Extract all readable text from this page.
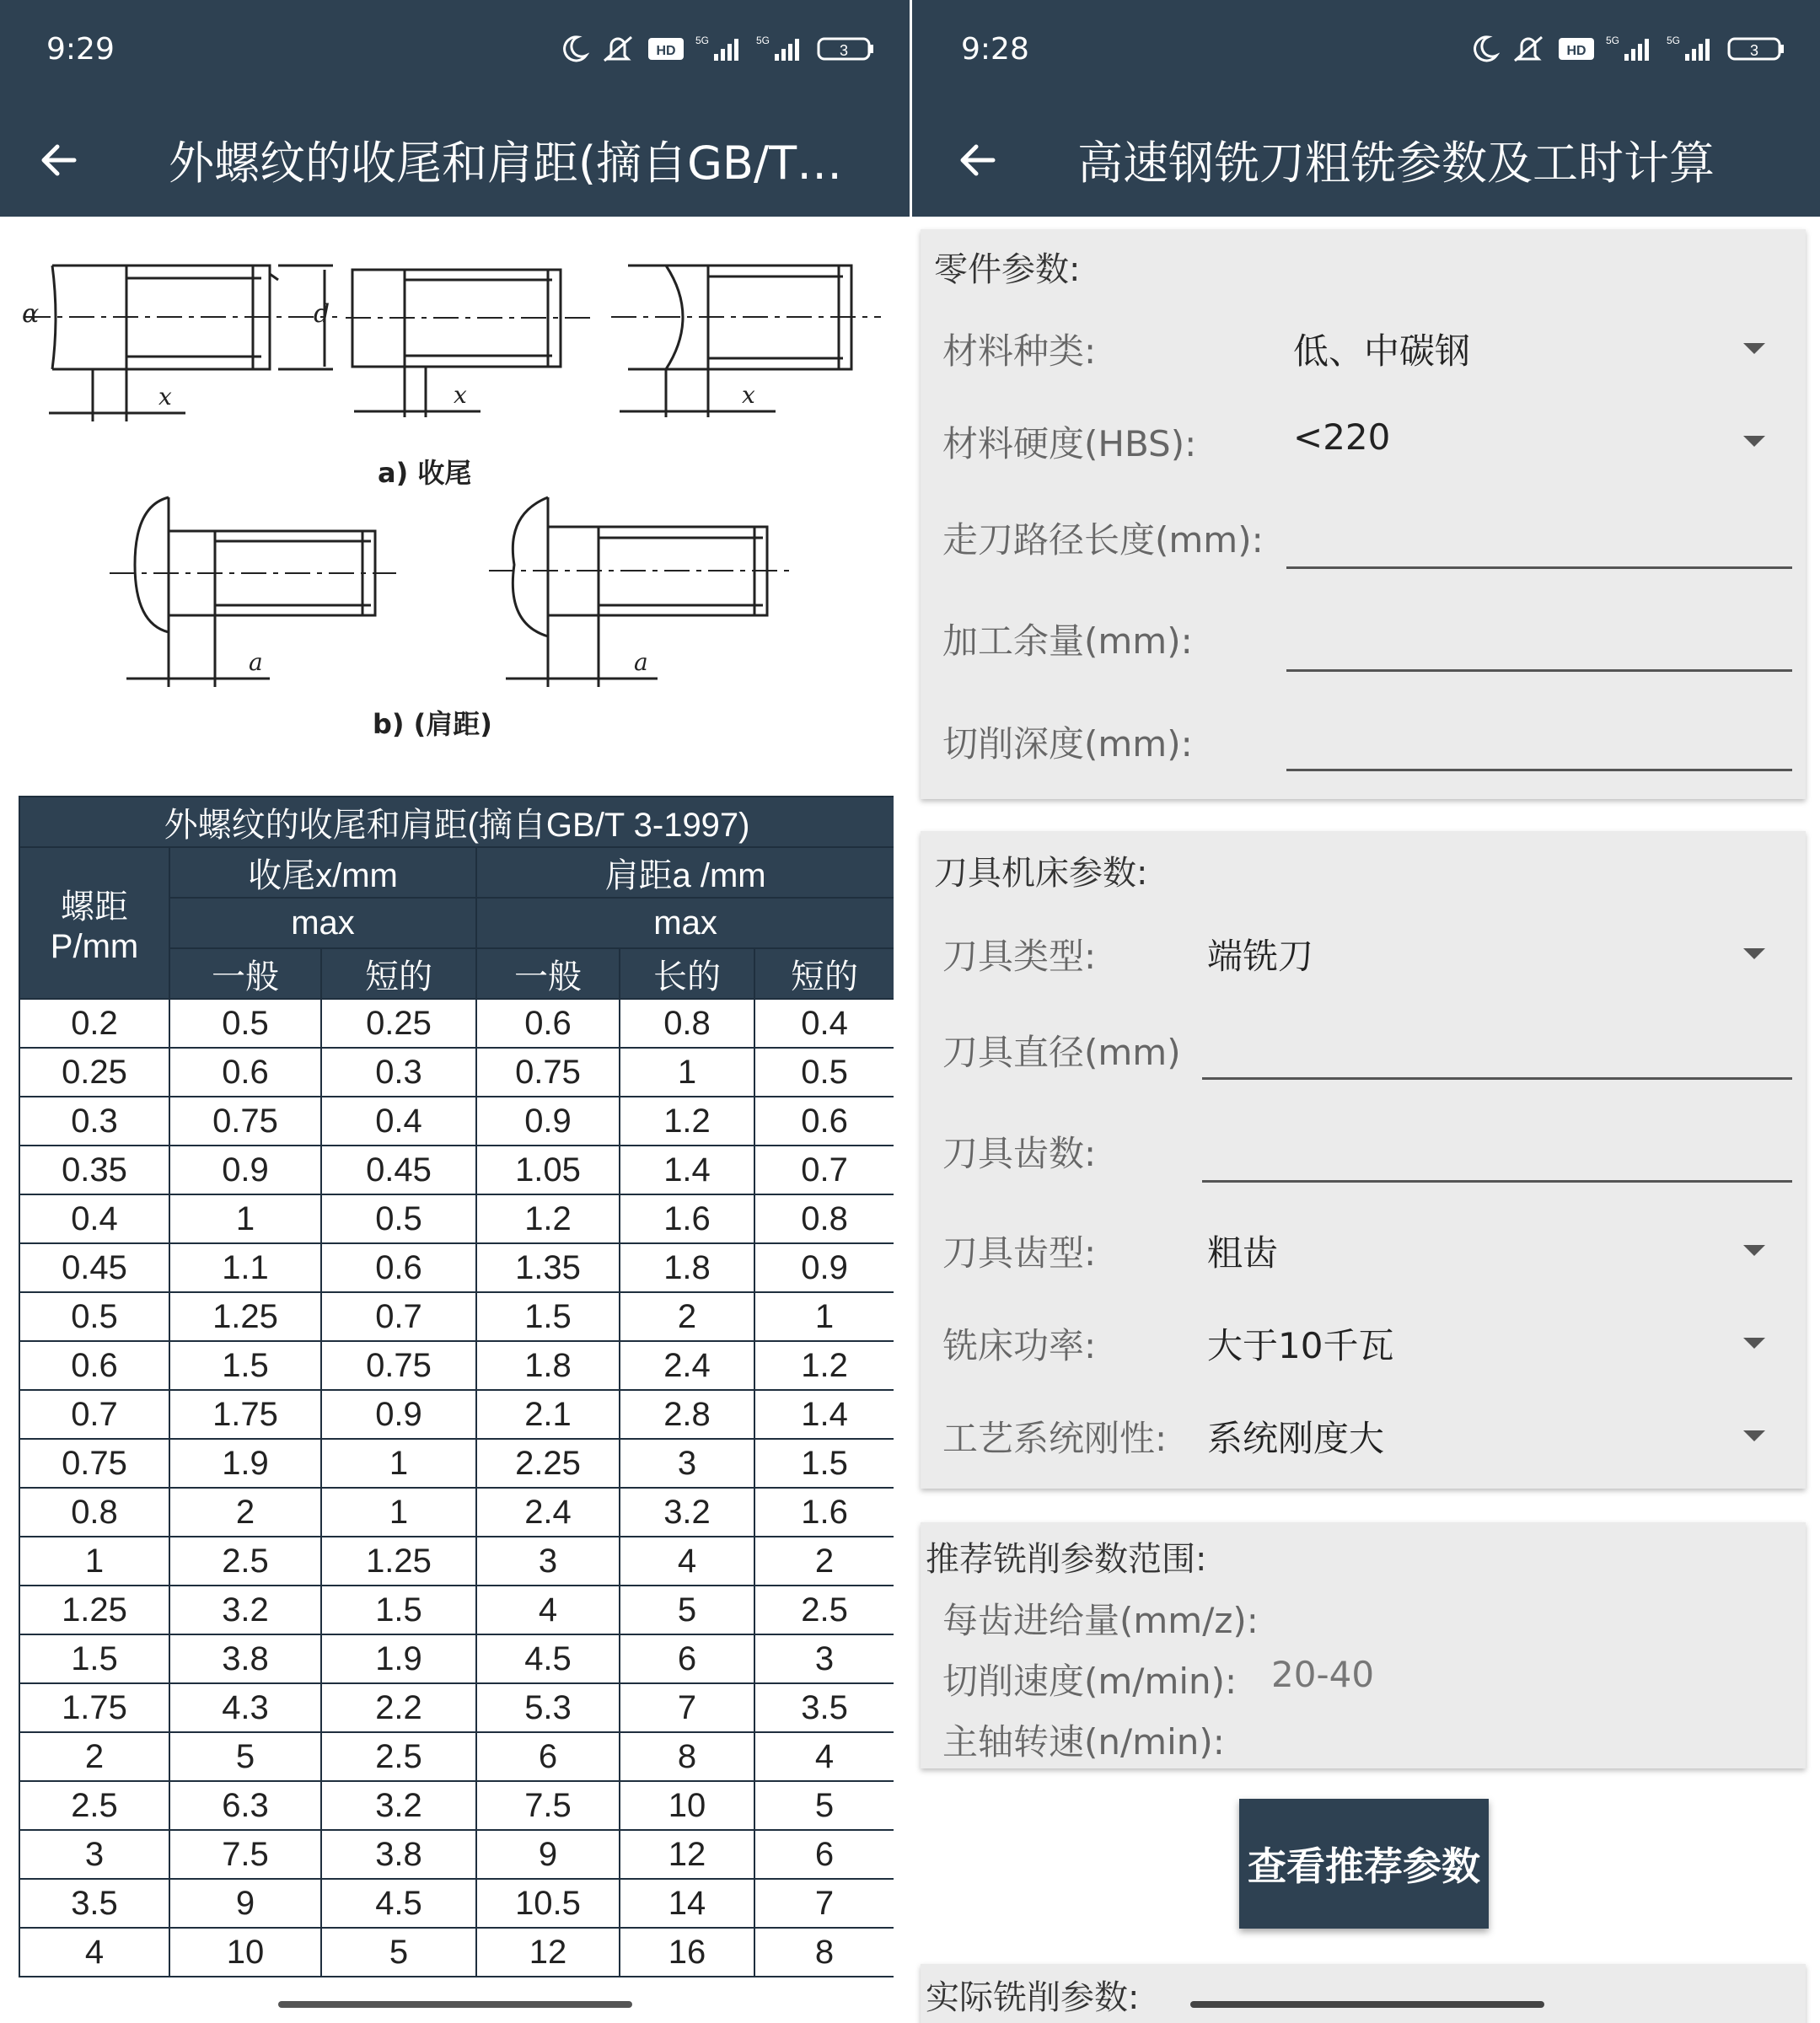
9:29	HD
5G	5G
3
外螺纹的收尾和肩距(摘自GB/T…
α	d
x	x	x
a	a
a) 收尾
b) (肩距)
外螺纹的收尾和肩距(摘自GB/T 3-1997)					
螺距 P/mm	收尾x/mm		肩距a /mm		
	max		max		
	一般	短的	一般	长的	短的
0.2	0.5	0.25	0.6	0.8	0.4
0.25	0.6	0.3	0.75	1	0.5
0.3	0.75	0.4	0.9	1.2	0.6
0.35	0.9	0.45	1.05	1.4	0.7
0.4	1	0.5	1.2	1.6	0.8
0.45	1.1	0.6	1.35	1.8	0.9
0.5	1.25	0.7	1.5	2	1
0.6	1.5	0.75	1.8	2.4	1.2
0.7	1.75	0.9	2.1	2.8	1.4
0.75	1.9	1	2.25	3	1.5
0.8	2	1	2.4	3.2	1.6
1	2.5	1.25	3	4	2
1.25	3.2	1.5	4	5	2.5
1.5	3.8	1.9	4.5	6	3
1.75	4.3	2.2	5.3	7	3.5
2	5	2.5	6	8	4
2.5	6.3	3.2	7.5	10	5
3	7.5	3.8	9	12	6
3.5	9	4.5	10.5	14	7
4	10	5	12	16	8
9:28	HD
5G	5G
3
高速钢铣刀粗铣参数及工时计算
零件参数:
材料种类:	低、中碳钢
材料硬度(HBS):	<220
走刀路径长度(mm):
加工余量(mm):
切削深度(mm):
刀具机床参数:
刀具类型:	端铣刀
刀具直径(mm)
刀具齿数:
刀具齿型:	粗齿
铣床功率:	大于10千瓦
工艺系统刚性: 系统刚度大
推荐铣削参数范围:
每齿进给量(mm/z):
切削速度(m/min): 20-40
主轴转速(n/min):
查看推荐参数
实际铣削参数:
